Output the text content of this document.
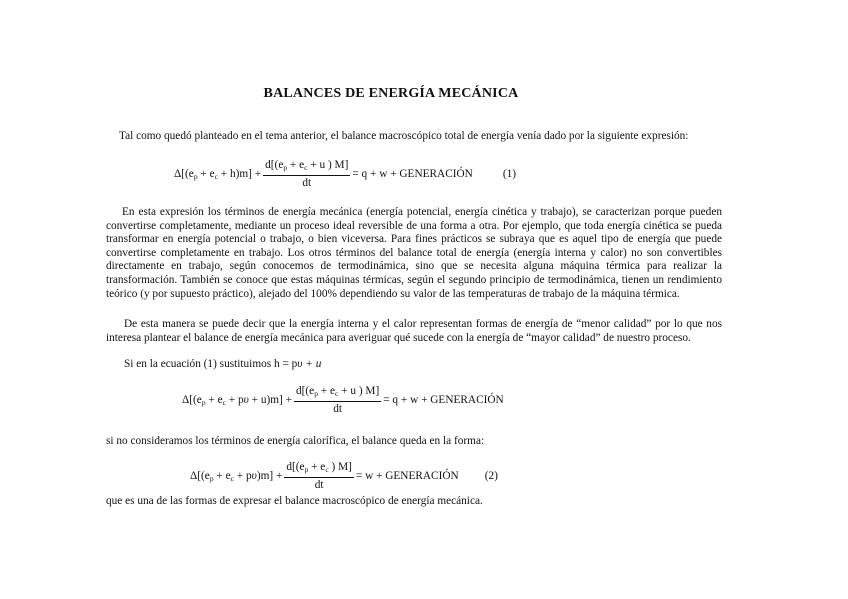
BALANCES DE ENERGÍA MECÁNICA
Tal como quedó planteado en el tema anterior, el balance macroscópico total de energía venía dado por la siguiente expresión:
$\Delta[(e_p + e_c + h)m] + \frac{d[(e_p + e_c + u ) M]}{dt} = q + w$ + GENERACIÓN	(1)
En esta expresión los términos de energía mecánica (energía potencial, energía cinética y trabajo), se caracterizan porque pueden convertirse completamente, mediante un proceso ideal reversible de una forma a otra. Por ejemplo, que toda energía cinética se pueda transformar en energía potencial o trabajo, o bien viceversa. Para fines prácticos se subraya que es aquel tipo de energía que puede convertirse completamente en trabajo. Los otros términos del balance total de energía (energía interna y calor) no son convertibles directamente en trabajo, según conocemos de termodinámica, sino que se necesita alguna máquina térmica para realizar la transformación. También se conoce que estas máquinas térmicas, según el segundo principio de termodinámica, tienen un rendimiento teórico (y por supuesto práctico), alejado del 100% dependiendo su valor de las temperaturas de trabajo de la máquina térmica.
De esta manera se puede decir que la energía interna y el calor representan formas de energía de “menor calidad” por lo que nos interesa plantear el balance de energía mecánica para averiguar qué sucede con la energía de “mayor calidad” de nuestro proceso.
Si en la ecuación (1) sustituimos h = pυ + u
$\Delta[(e_p + e_c + p\upsilon + u)m] + \frac{d[(e_p + e_c + u ) M]}{dt} = q + w$ + GENERACIÓN
si no consideramos los términos de energía calorífica, el balance queda en la forma:
$\Delta[(e_p + e_c + p\upsilon)m] + \frac{d[(e_p + e_c ) M]}{dt} = w$ + GENERACIÓN (2)
que es una de las formas de expresar el balance macroscópico de energía mecánica.
